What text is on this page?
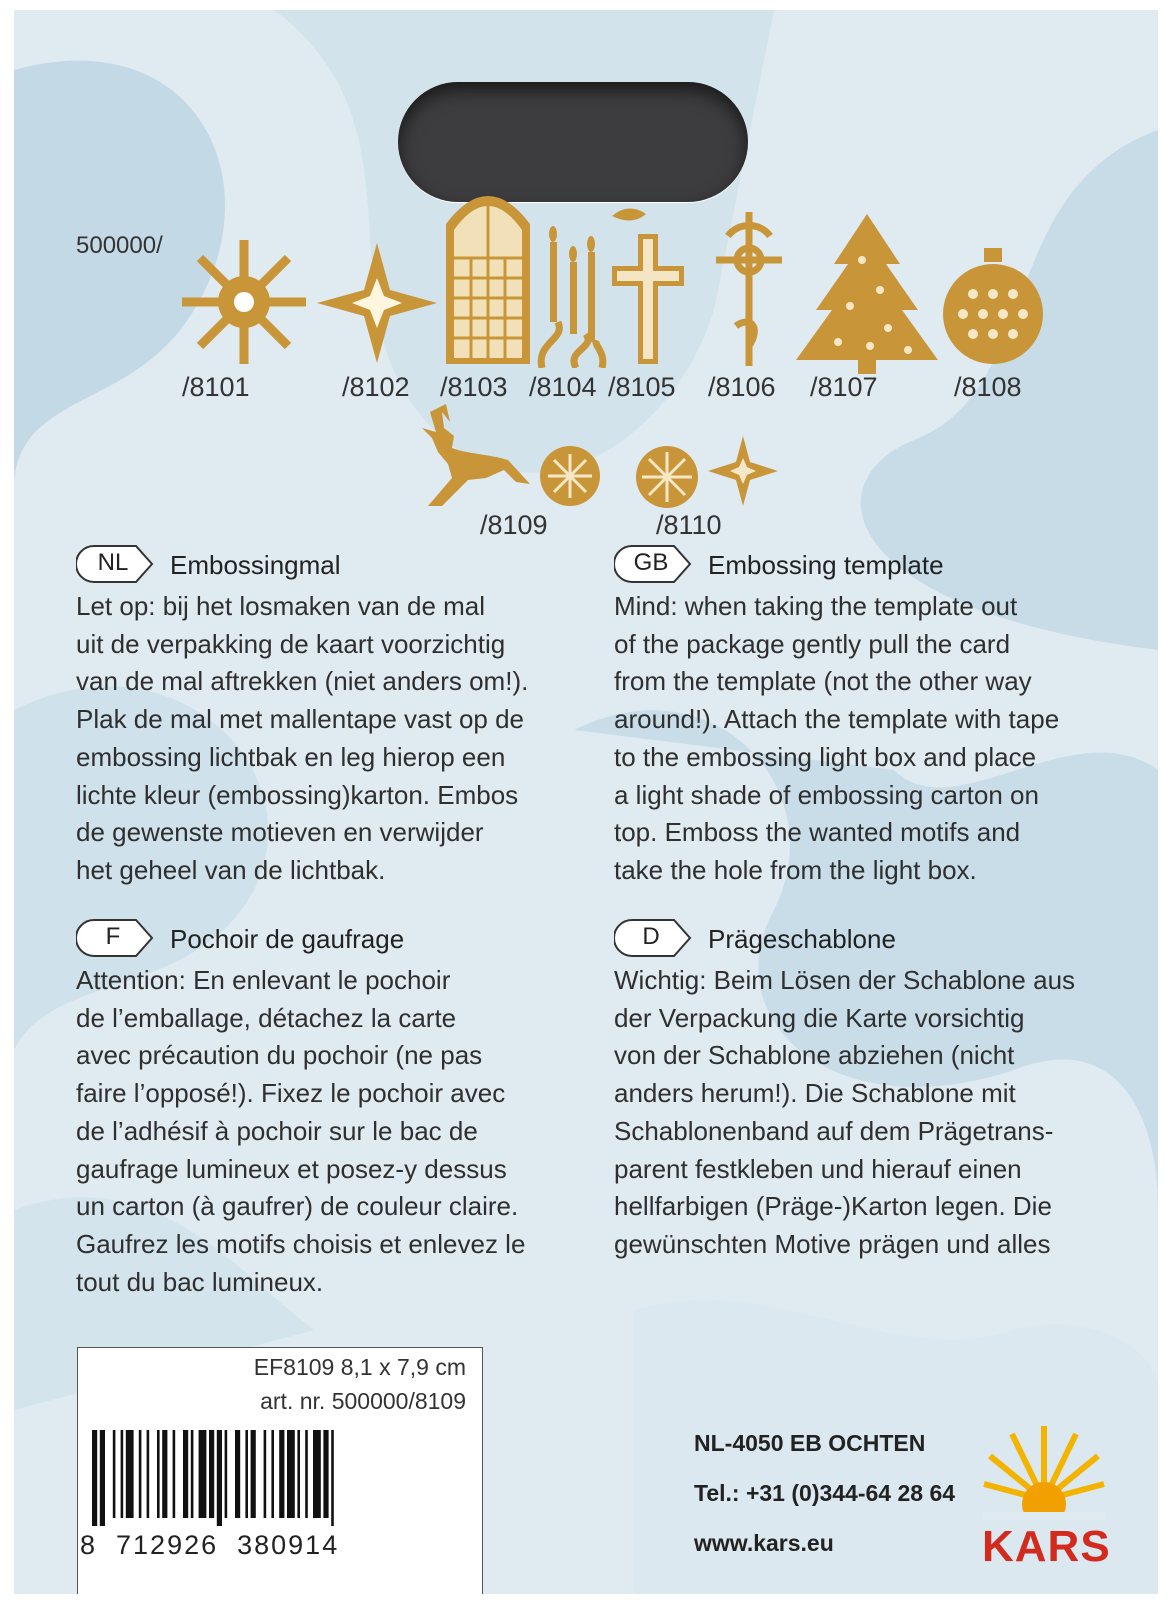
500000/
/8101	/8102 /8103 /8104 /8105 /8106 /8107	/8108
/8109	/8110
NL	Embossingmal
Let op: bij het losmaken van de mal
uit de verpakking de kaart voorzichtig
van de mal aftrekken (niet anders om!).
Plak de mal met mallentape vast op de
embossing lichtbak en leg hierop een
lichte kleur (embossing)karton. Embos
de gewenste motieven en verwijder
het geheel van de lichtbak.
GB Embossing template
Mind: when taking the template out
of the package gently pull the card
from the template (not the other way
around!). Attach the template with tape
to the embossing light box and place
a light shade of embossing carton on
top. Emboss the wanted motifs and
take the hole from the light box.
F	Pochoir de gaufrage
Attention: En enlevant le pochoir
de l’emballage, détachez la carte
avec précaution du pochoir (ne pas
faire l’opposé!). Fixez le pochoir avec
de l’adhésif à pochoir sur le bac de
gaufrage lumineux et posez-y dessus
un carton (à gaufrer) de couleur claire.
Gaufrez les motifs choisis et enlevez le
tout du bac lumineux.
D	Prägeschablone
Wichtig: Beim Lösen der Schablone aus
der Verpackung die Karte vorsichtig
von der Schablone abziehen (nicht
anders herum!). Die Schablone mit
Schablonenband auf dem Prägetrans-
parent festkleben und hierauf einen
hellfarbigen (Präge-)Karton legen. Die
gewünschten Motive prägen und alles
EF8109 8,1 x 7,9 cm
art. nr. 500000/8109
8  712926  380914
NL-4050 EB OCHTEN
Tel.: +31 (0)344-64 28 64
www.kars.eu	KARS
